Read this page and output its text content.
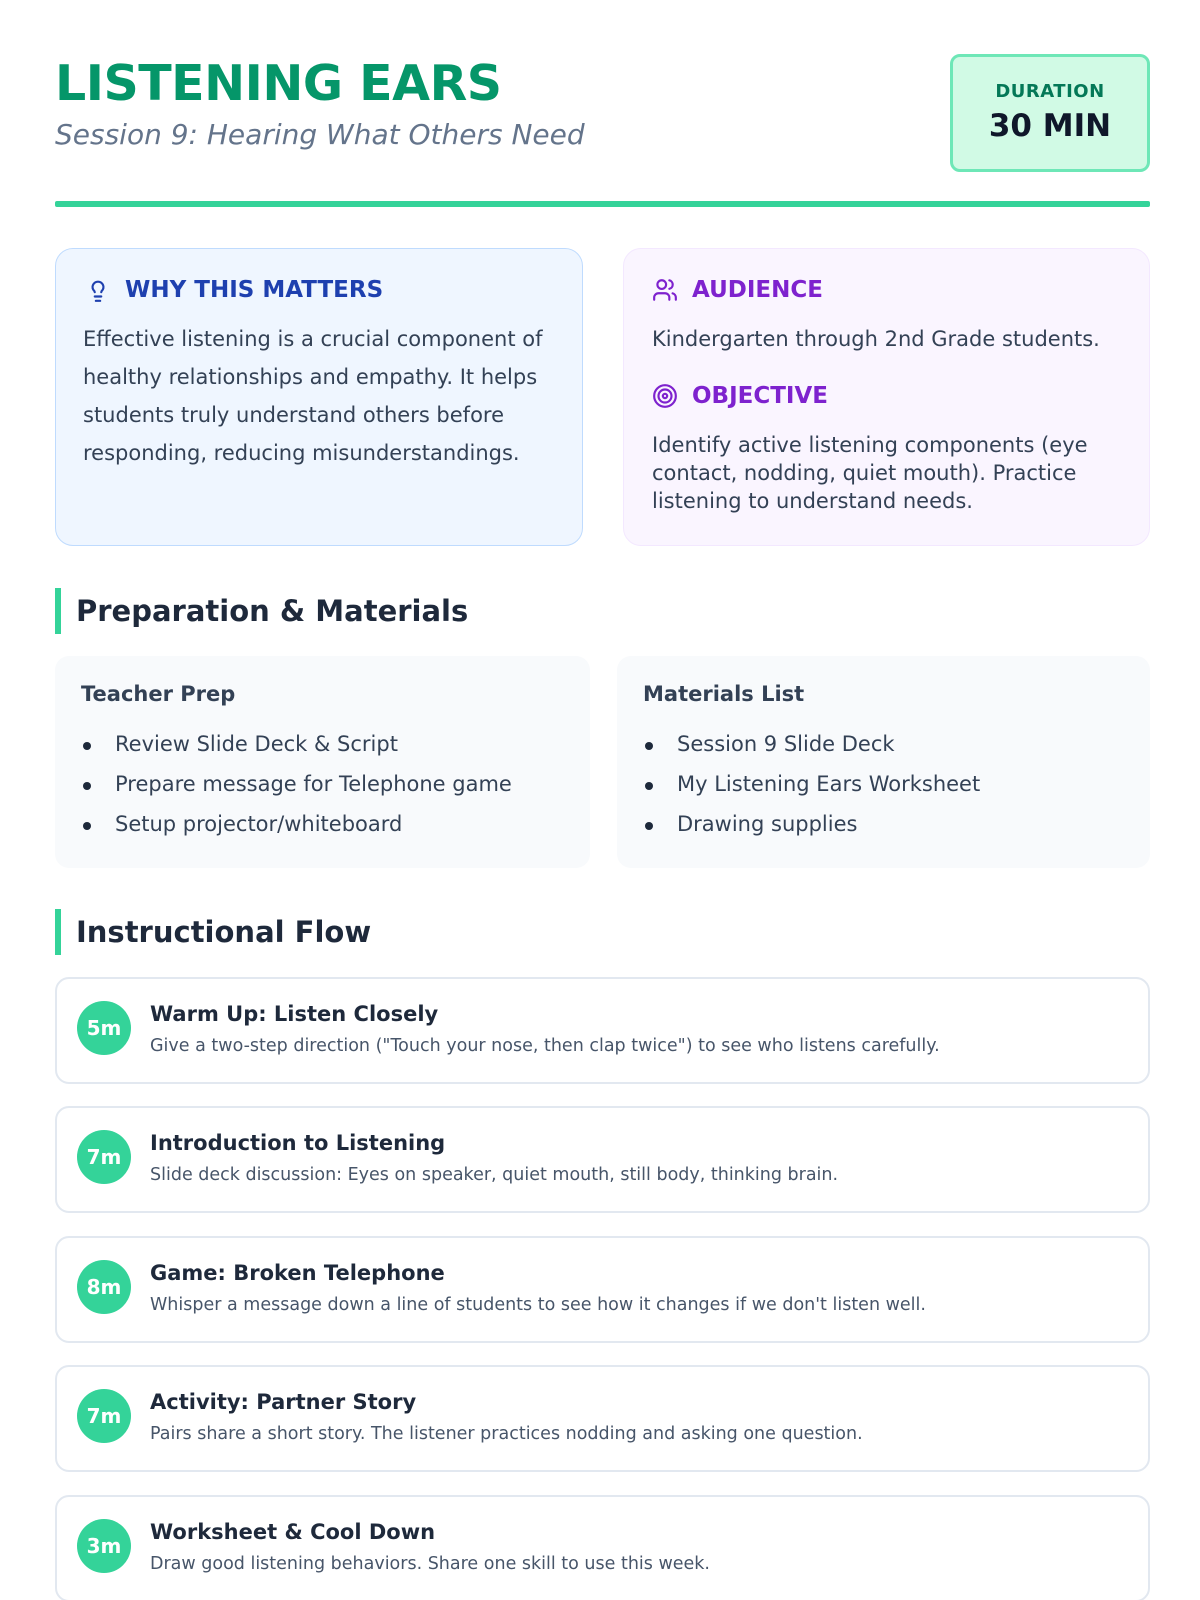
LISTENING EARS
Session 9: Hearing What Others Need
DURATION
30 MIN
WHY THIS MATTERS

Effective listening is a crucial component of healthy relationships and empathy. It helps students truly understand others before responding, reducing misunderstandings.

AUDIENCE

Kindergarten through 2nd Grade students.

OBJECTIVE

Identify active listening components (eye contact, nodding, quiet mouth). Practice listening to understand needs.

Preparation & Materials
Teacher Prep
Review Slide Deck & Script
Prepare message for Telephone game
Setup projector/whiteboard
Materials List
Session 9 Slide Deck
My Listening Ears Worksheet
Drawing supplies
Instructional Flow
5m
Warm Up: Listen Closely
Give a two-step direction ("Touch your nose, then clap twice") to see who listens carefully.
7m
Introduction to Listening
Slide deck discussion: Eyes on speaker, quiet mouth, still body, thinking brain.
8m
Game: Broken Telephone
Whisper a message down a line of students to see how it changes if we don't listen well.
7m
Activity: Partner Story
Pairs share a short story. The listener practices nodding and asking one question.
3m
Worksheet & Cool Down
Draw good listening behaviors. Share one skill to use this week.
